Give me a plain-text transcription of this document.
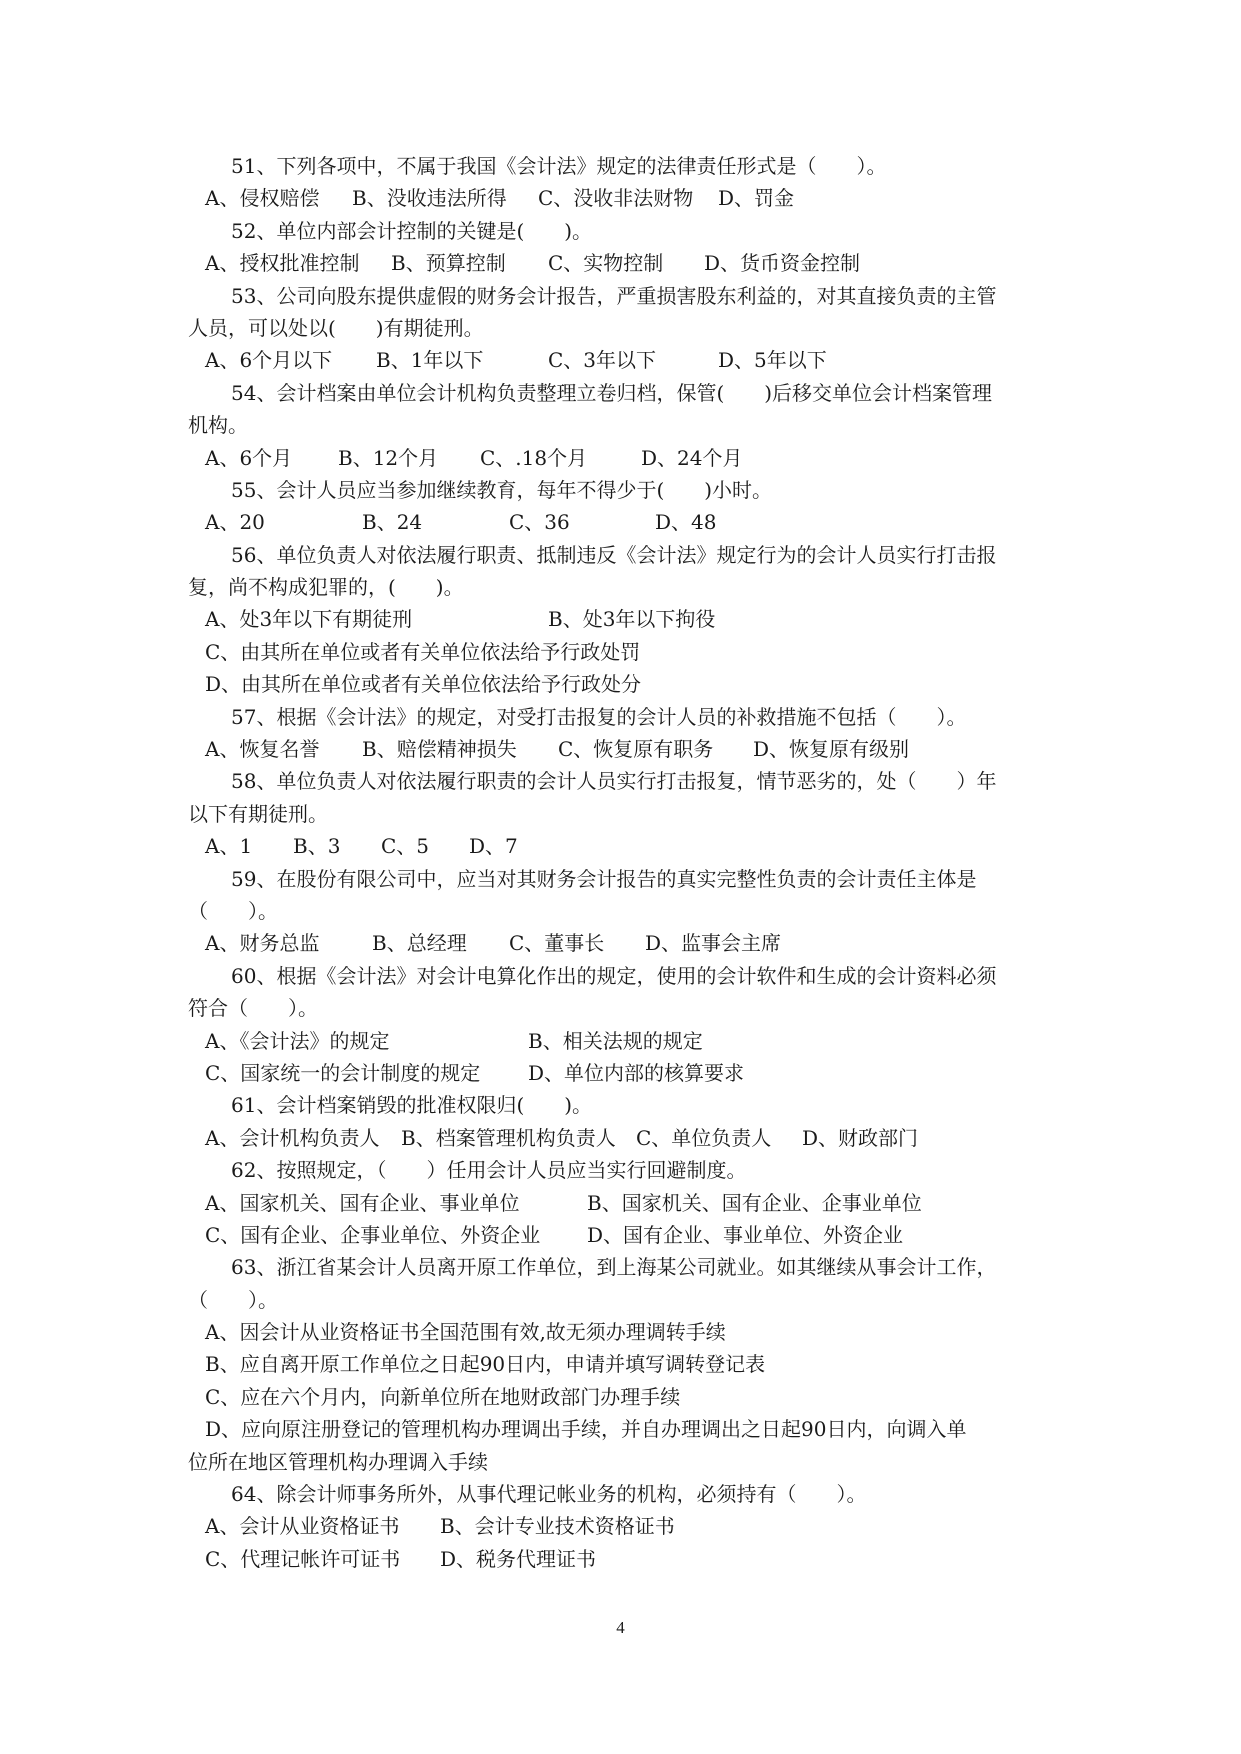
51、下列各项中，不属于我国《会计法》规定的法律责任形式是（　　）。
A、侵权赔偿 B、没收违法所得 C、没收非法财物 D、罚金
52、单位内部会计控制的关键是(　　)。
A、授权批准控制 B、预算控制 C、实物控制 D、货币资金控制
53、公司向股东提供虚假的财务会计报告，严重损害股东利益的，对其直接负责的主管
人员，可以处以(　　)有期徒刑。
A、6个月以下 B、1年以下	C、3年以下	D、5年以下
54、会计档案由单位会计机构负责整理立卷归档，保管(　　)后移交单位会计档案管理
机构。
A、6个月 B、12个月 C、.18个月	D、24个月
55、会计人员应当参加继续教育，每年不得少于(　　)小时。
A、20	B、24	C、36	D、48
56、单位负责人对依法履行职责、抵制违反《会计法》规定行为的会计人员实行打击报
复，尚不构成犯罪的，(　　)。
A、处3年以下有期徒刑	B、处3年以下拘役
C、由其所在单位或者有关单位依法给予行政处罚
D、由其所在单位或者有关单位依法给予行政处分
57、根据《会计法》的规定，对受打击报复的会计人员的补救措施不包括（　　）。
A、恢复名誉 B、赔偿精神损失 C、恢复原有职务 D、恢复原有级别
58、单位负责人对依法履行职责的会计人员实行打击报复，情节恶劣的，处（　　）年
以下有期徒刑。
A、1 B、3 C、5 D、7
59、在股份有限公司中，应当对其财务会计报告的真实完整性负责的会计责任主体是
（　　）。
A、财务总监	B、总经理 C、董事长 D、监事会主席
60、根据《会计法》对会计电算化作出的规定，使用的会计软件和生成的会计资料必须
符合（　　）。
A、《会计法》的规定	B、相关法规的规定
C、国家统一的会计制度的规定 D、单位内部的核算要求
61、会计档案销毁的批准权限归(　　)。
A、会计机构负责人 B、档案管理机构负责人 C、单位负责人 D、财政部门
62、按照规定，（　　）任用会计人员应当实行回避制度。
A、国家机关、国有企业、事业单位	B、国家机关、国有企业、企事业单位
C、国有企业、企事业单位、外资企业 D、国有企业、事业单位、外资企业
63、浙江省某会计人员离开原工作单位，到上海某公司就业。如其继续从事会计工作，
（　　）。
A、因会计从业资格证书全国范围有效,故无须办理调转手续
B、应自离开原工作单位之日起90日内，申请并填写调转登记表
C、应在六个月内，向新单位所在地财政部门办理手续
D、应向原注册登记的管理机构办理调出手续，并自办理调出之日起90日内，向调入单
位所在地区管理机构办理调入手续
64、除会计师事务所外，从事代理记帐业务的机构，必须持有（　　）。
A、会计从业资格证书 B、会计专业技术资格证书
C、代理记帐许可证书 D、税务代理证书
4
